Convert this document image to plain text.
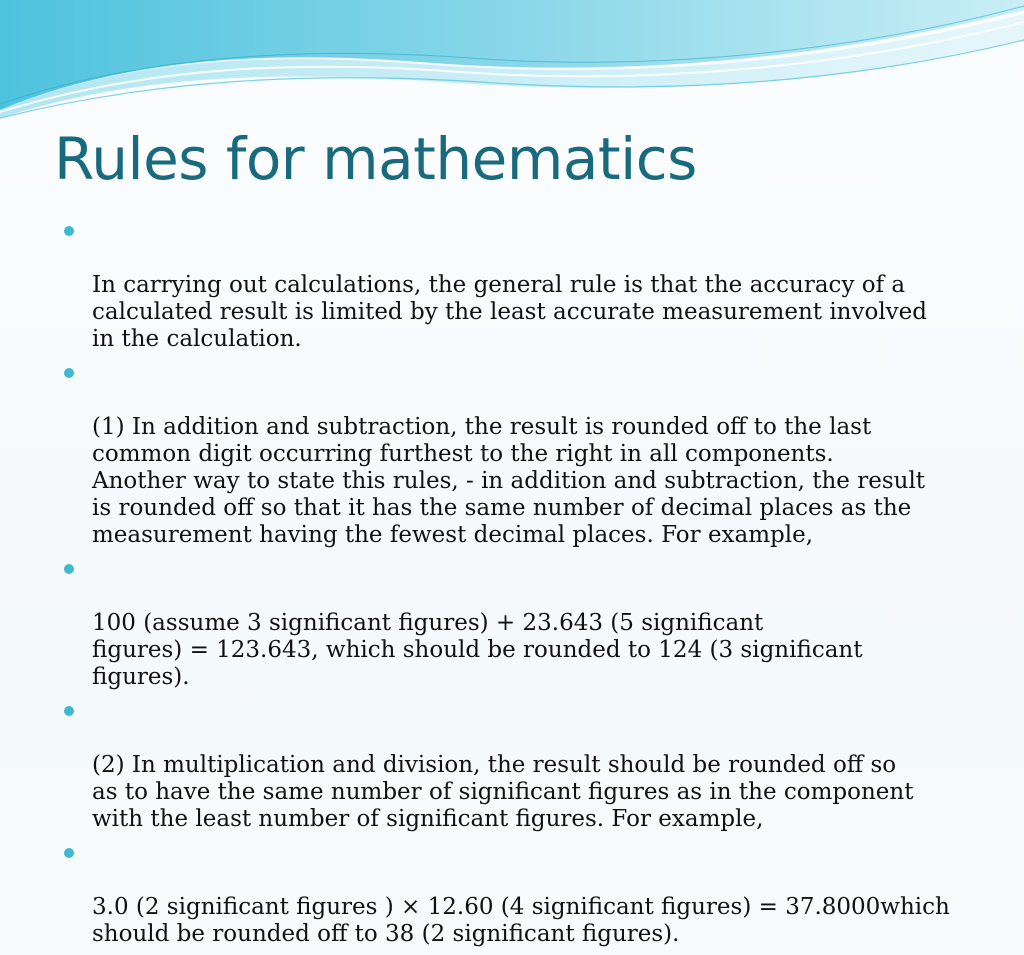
Rules for mathematics

In carrying out calculations, the general rule is that the accuracy of a
calculated result is limited by the least accurate measurement involved
in the calculation.

(1) In addition and subtraction, the result is rounded off to the last
common digit occurring furthest to the right in all components.
Another way to state this rules, - in addition and subtraction, the result
is rounded off so that it has the same number of decimal places as the
measurement having the fewest decimal places. For example,

100 (assume 3 significant figures) + 23.643 (5 significant
figures) = 123.643, which should be rounded to 124 (3 significant
figures).

(2) In multiplication and division, the result should be rounded off so
as to have the same number of significant figures as in the component
with the least number of significant figures. For example,

3.0 (2 significant figures ) × 12.60 (4 significant figures) = 37.8000which
should be rounded off to 38 (2 significant figures).
